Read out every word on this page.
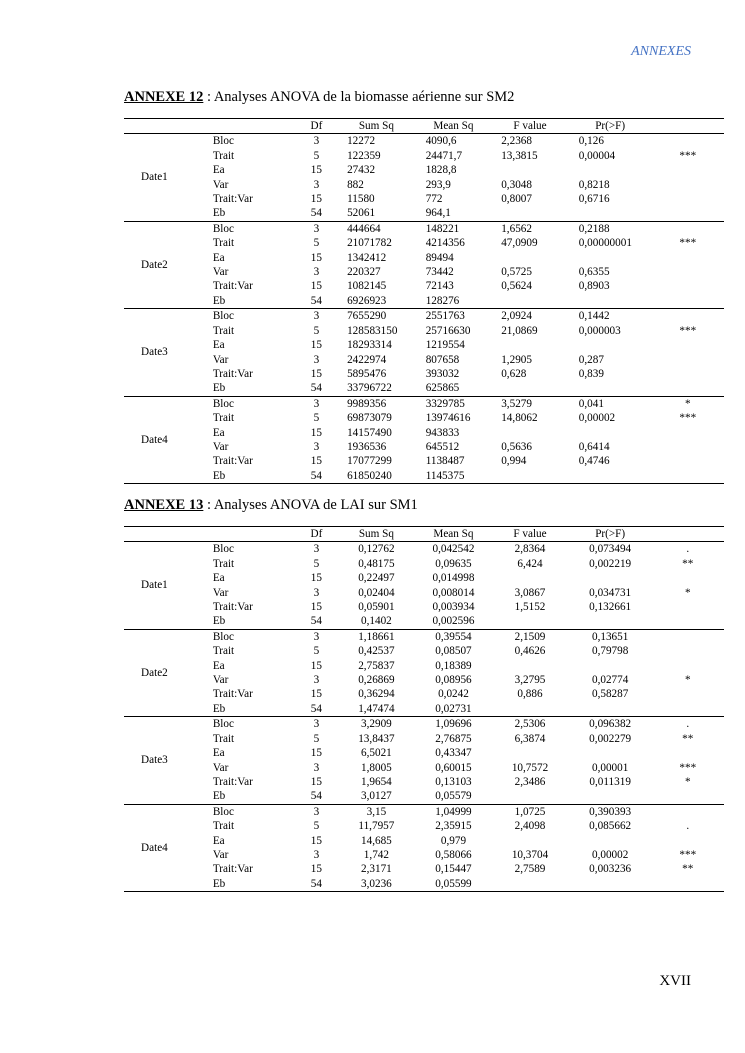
ANNEXES
ANNEXE 12 : Analyses ANOVA de la biomasse aérienne sur SM2
		Df	Sum Sq	Mean Sq	F value	Pr(>F)	
Date1	Bloc	3	12272	4090,6	2,2368	0,126	
	Trait	5	122359	24471,7	13,3815	0,00004	***
	Ea	15	27432	1828,8			
	Var	3	882	293,9	0,3048	0,8218	
	Trait:Var	15	11580	772	0,8007	0,6716	
	Eb	54	52061	964,1			
Date2	Bloc	3	444664	148221	1,6562	0,2188	
	Trait	5	21071782	4214356	47,0909	0,00000001	***
	Ea	15	1342412	89494			
	Var	3	220327	73442	0,5725	0,6355	
	Trait:Var	15	1082145	72143	0,5624	0,8903	
	Eb	54	6926923	128276			
Date3	Bloc	3	7655290	2551763	2,0924	0,1442	
	Trait	5	128583150	25716630	21,0869	0,000003	***
	Ea	15	18293314	1219554			
	Var	3	2422974	807658	1,2905	0,287	
	Trait:Var	15	5895476	393032	0,628	0,839	
	Eb	54	33796722	625865			
Date4	Bloc	3	9989356	3329785	3,5279	0,041	*
	Trait	5	69873079	13974616	14,8062	0,00002	***
	Ea	15	14157490	943833			
	Var	3	1936536	645512	0,5636	0,6414	
	Trait:Var	15	17077299	1138487	0,994	0,4746	
	Eb	54	61850240	1145375			
ANNEXE 13 : Analyses ANOVA de LAI sur SM1
		Df	Sum Sq	Mean Sq	F value	Pr(>F)	
Date1	Bloc	3	0,12762	0,042542	2,8364	0,073494	.
	Trait	5	0,48175	0,09635	6,424	0,002219	**
	Ea	15	0,22497	0,014998			
	Var	3	0,02404	0,008014	3,0867	0,034731	*
	Trait:Var	15	0,05901	0,003934	1,5152	0,132661	
	Eb	54	0,1402	0,002596			
Date2	Bloc	3	1,18661	0,39554	2,1509	0,13651	
	Trait	5	0,42537	0,08507	0,4626	0,79798	
	Ea	15	2,75837	0,18389			
	Var	3	0,26869	0,08956	3,2795	0,02774	*
	Trait:Var	15	0,36294	0,0242	0,886	0,58287	
	Eb	54	1,47474	0,02731			
Date3	Bloc	3	3,2909	1,09696	2,5306	0,096382	.
	Trait	5	13,8437	2,76875	6,3874	0,002279	**
	Ea	15	6,5021	0,43347			
	Var	3	1,8005	0,60015	10,7572	0,00001	***
	Trait:Var	15	1,9654	0,13103	2,3486	0,011319	*
	Eb	54	3,0127	0,05579			
Date4	Bloc	3	3,15	1,04999	1,0725	0,390393	
	Trait	5	11,7957	2,35915	2,4098	0,085662	.
	Ea	15	14,685	0,979			
	Var	3	1,742	0,58066	10,3704	0,00002	***
	Trait:Var	15	2,3171	0,15447	2,7589	0,003236	**
	Eb	54	3,0236	0,05599			
XVII
